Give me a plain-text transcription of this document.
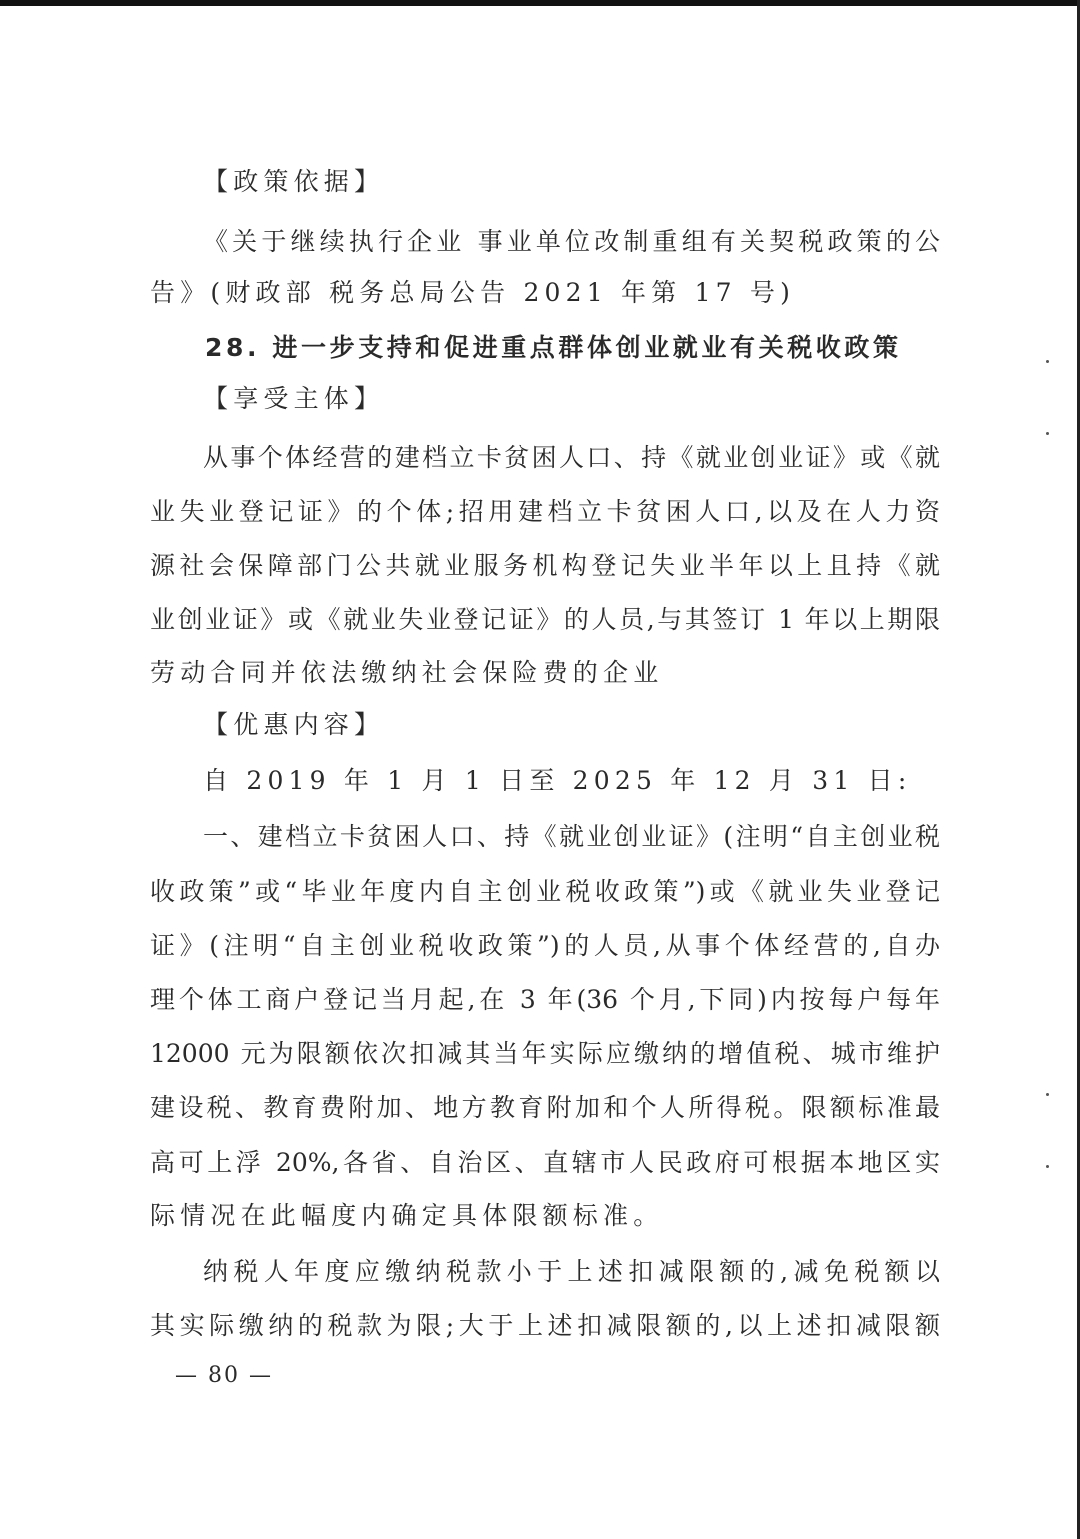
【政策依据】
《关于继续执行企业 事业单位改制重组有关契税政策的公
告》(财政部 税务总局公告 2021 年第 17 号)
28. 进一步支持和促进重点群体创业就业有关税收政策
【享受主体】
从事个体经营的建档立卡贫困人口、持《就业创业证》或《就
业失业登记证》的个体;招用建档立卡贫困人口,以及在人力资
源社会保障部门公共就业服务机构登记失业半年以上且持《就
业创业证》或《就业失业登记证》的人员,与其签订 1 年以上期限
劳动合同并依法缴纳社会保险费的企业
【优惠内容】
自 2019 年 1 月 1 日至 2025 年 12 月 31 日:
一、建档立卡贫困人口、持《就业创业证》(注明“自主创业税
收政策”或“毕业年度内自主创业税收政策”)或《就业失业登记
证》(注明“自主创业税收政策”)的人员,从事个体经营的,自办
理个体工商户登记当月起,在 3 年(36 个月,下同)内按每户每年
12000 元为限额依次扣减其当年实际应缴纳的增值税、城市维护
建设税、教育费附加、地方教育附加和个人所得税。限额标准最
高可上浮 20%,各省、自治区、直辖市人民政府可根据本地区实
际情况在此幅度内确定具体限额标准。
纳税人年度应缴纳税款小于上述扣减限额的,减免税额以
其实际缴纳的税款为限;大于上述扣减限额的,以上述扣减限额
— 80 —
